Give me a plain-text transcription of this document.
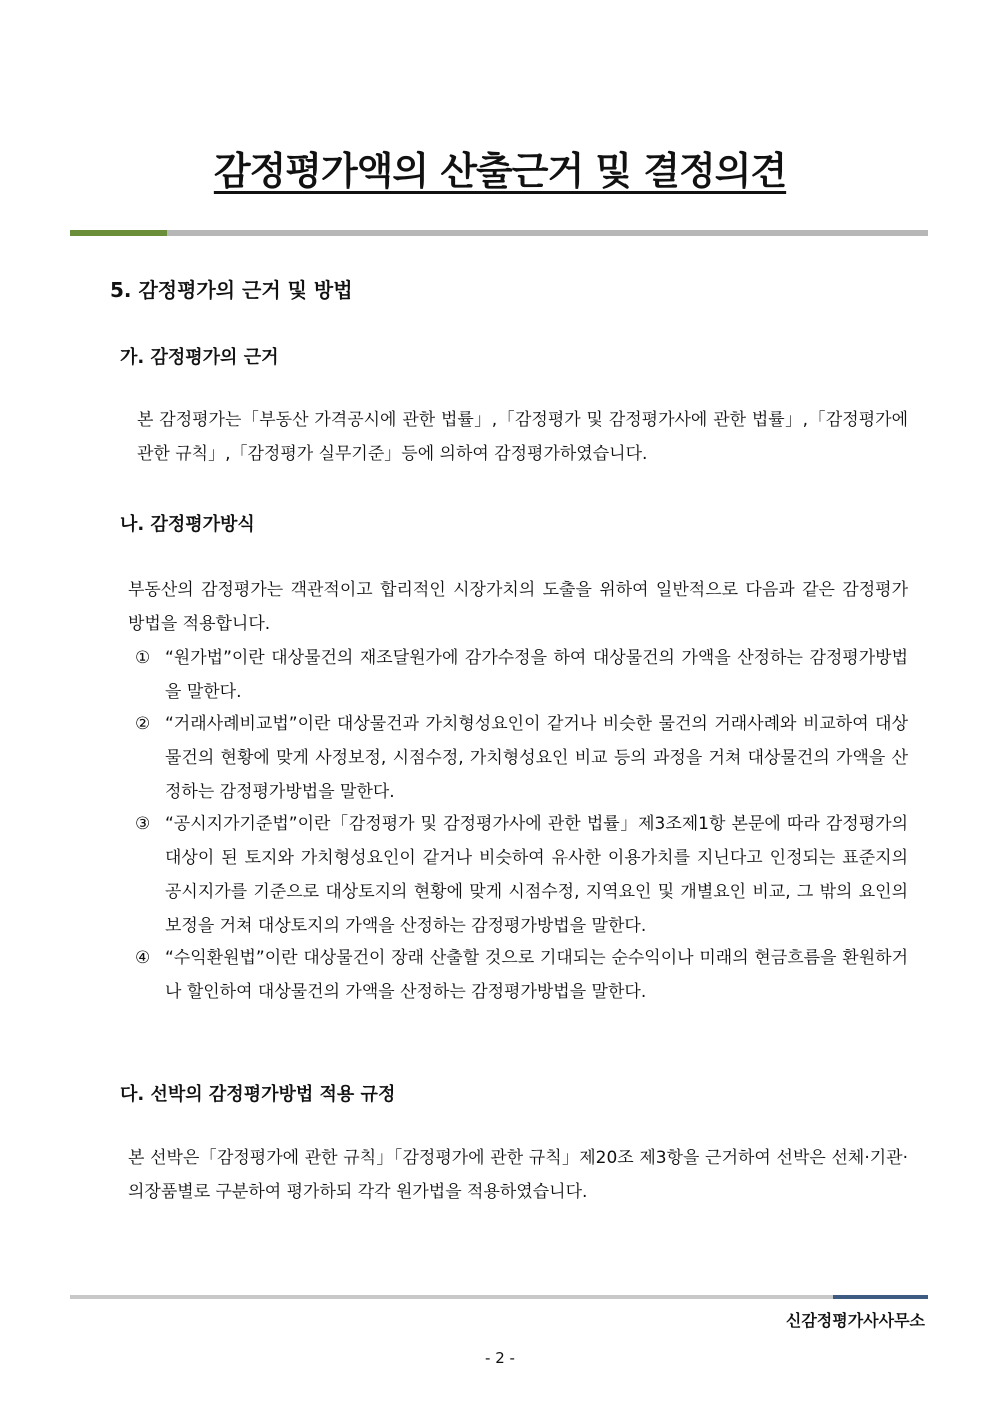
감정평가액의 산출근거 및 결정의견
5. 감정평가의 근거 및 방법
가. 감정평가의 근거

본 감정평가는「부동산 가격공시에 관한 법률」,「감정평가 및 감정평가사에 관한 법률」,「감정평가에 관한 규칙」,「감정평가 실무기준」등에 의하여 감정평가하였습니다.

나. 감정평가방식

부동산의 감정평가는 객관적이고 합리적인 시장가치의 도출을 위하여 일반적으로 다음과 같은 감정평가 방법을 적용합니다.

① “원가법”이란 대상물건의 재조달원가에 감가수정을 하여 대상물건의 가액을 산정하는 감정평가방법을 말한다.
② “거래사례비교법”이란 대상물건과 가치형성요인이 같거나 비슷한 물건의 거래사례와 비교하여 대상물건의 현황에 맞게 사정보정, 시점수정, 가치형성요인 비교 등의 과정을 거쳐 대상물건의 가액을 산정하는 감정평가방법을 말한다.
③ “공시지가기준법”이란「감정평가 및 감정평가사에 관한 법률」제3조제1항 본문에 따라 감정평가의 대상이 된 토지와 가치형성요인이 같거나 비슷하여 유사한 이용가치를 지닌다고 인정되는 표준지의 공시지가를 기준으로 대상토지의 현황에 맞게 시점수정, 지역요인 및 개별요인 비교, 그 밖의 요인의 보정을 거쳐 대상토지의 가액을 산정하는 감정평가방법을 말한다.
④ “수익환원법”이란 대상물건이 장래 산출할 것으로 기대되는 순수익이나 미래의 현금흐름을 환원하거나 할인하여 대상물건의 가액을 산정하는 감정평가방법을 말한다.
다. 선박의 감정평가방법 적용 규정

본 선박은「감정평가에 관한 규칙」「감정평가에 관한 규칙」제20조 제3항을 근거하여 선박은 선체·기관·의장품별로 구분하여 평가하되 각각 원가법을 적용하였습니다.

신감정평가사사무소
- 2 -
